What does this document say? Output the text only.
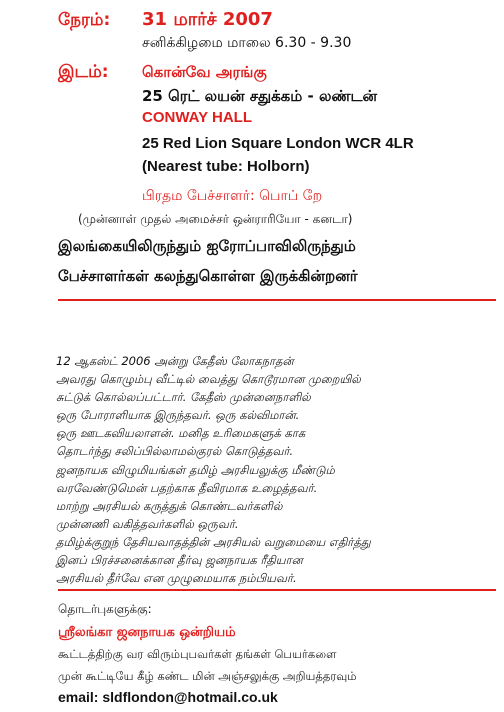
நேரம்: 31 மார்ச் 2007
சனிக்கிழமை மாலை 6.30 - 9.30
இடம்: கொன்வே அரங்கு
25 ரெட் லயன் சதுக்கம் - லண்டன்
CONWAY HALL
25 Red Lion Square London WCR 4LR
(Nearest tube: Holborn)
பிரதம பேச்சாளர்: பொப் றே
(முன்னாள் முதல் அமைச்சர் ஒன்ராரியோ - கனடா)
இலங்கையிலிருந்தும் ஐரோப்பாவிலிருந்தும்
பேச்சாளர்கள் கலந்துகொள்ள இருக்கின்றனர்
12 ஆகஸ்ட் 2006 அன்று கேதீஸ் லோகநாதன்
அவரது கொழும்பு வீட்டில் வைத்து கொடூரமான முறையில்
சுட்டுக் கொல்லப்பட்டார். கேதீஸ் முன்னைநாளில்
ஒரு போராளியாக இருந்தவர். ஒரு கல்விமான்.
ஒரு ஊடகவியலாளன். மனித உரிமைகளுக் காக
தொடர்ந்து சலிப்பில்லாமல்குரல் கொடுத்தவர்.
ஜனநாயக விழுமியங்கள் தமிழ் அரசியலுக்கு மீண்டும்
வரவேண்டுமென் பதற்காக தீவிரமாக உழைத்தவர்.
மாற்று அரசியல் கருத்துக் கொண்டவர்களில்
முன்னணி வகித்தவர்களில் ஒருவர்.
தமிழ்க்குறுந் தேசியவாதத்தின் அரசியல் வறுமையை எதிர்த்து
இனப் பிரச்சனைக்கான தீர்வு ஜனநாயக ரீதியான
அரசியல் தீர்வே என முழுமையாக நம்பியவர்.
தொடர்புகளுக்கு:
ஸ்ரீலங்கா ஜனநாயக ஒன்றியம்
கூட்டத்திற்கு வர விரும்புபவர்கள் தங்கள் பெயர்களை
முன் கூட்டியே கீழ் கண்ட மின் அஞ்சலுக்கு அறியத்தரவும்
email: sldflondon@hotmail.co.uk
